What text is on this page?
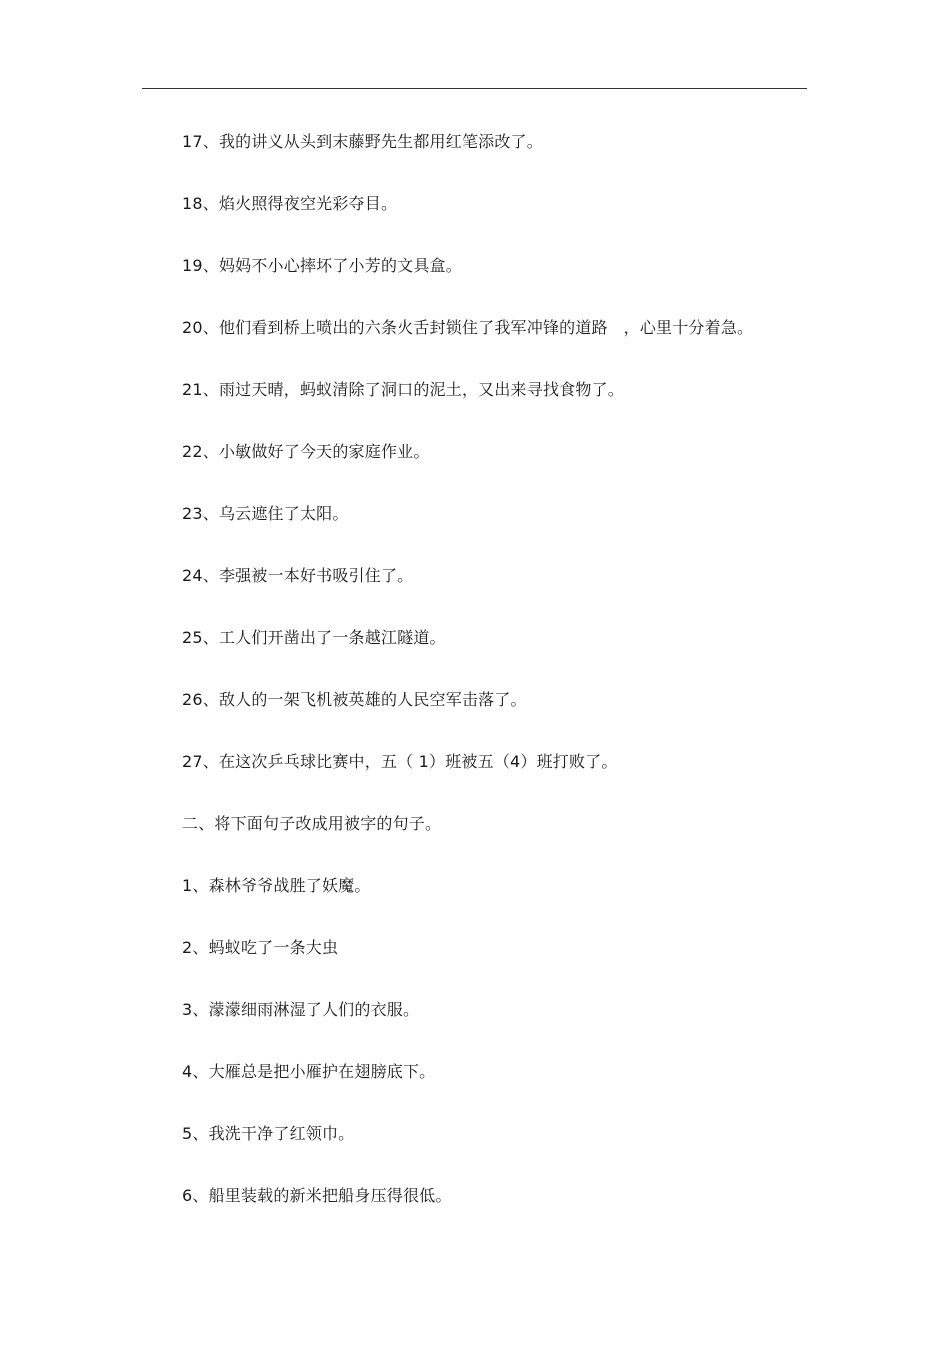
17、我的讲义从头到末藤野先生都用红笔添改了。
18、焰火照得夜空光彩夺目。
19、妈妈不小心摔坏了小芳的文具盒。
20、他们看到桥上喷出的六条火舌封锁住了我军冲锋的道路   ，心里十分着急。
21、雨过天晴，蚂蚁清除了洞口的泥土，又出来寻找食物了。
22、小敏做好了今天的家庭作业。
23、乌云遮住了太阳。
24、李强被一本好书吸引住了。
25、工人们开凿出了一条越江隧道。
26、敌人的一架飞机被英雄的人民空军击落了。
27、在这次乒乓球比赛中，五（ 1）班被五（4）班打败了。
二、将下面句子改成用被字的句子。
1、森林爷爷战胜了妖魔。
2、蚂蚁吃了一条大虫
3、濛濛细雨淋湿了人们的衣服。
4、大雁总是把小雁护在翅膀底下。
5、我洗干净了红领巾。
6、船里装载的新米把船身压得很低。
